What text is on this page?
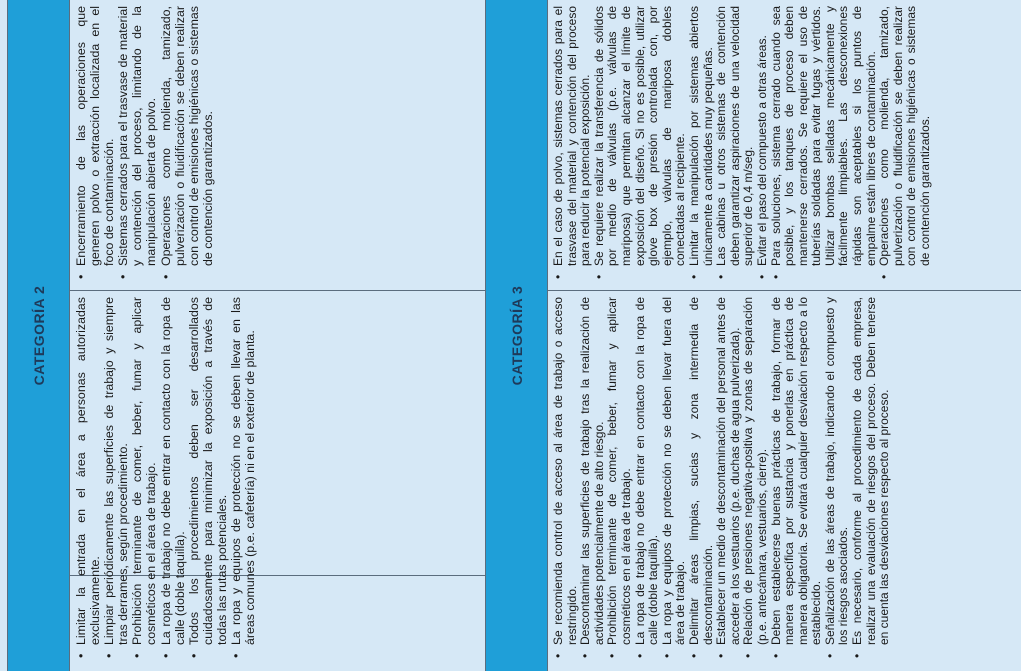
CATEGORÍA 2 • Limitar la entrada en el área a personas autorizadas exclusivamente. • Limpiar periódicamente las superficies de trabajo y siempre tras derrames, según procedimiento. • Prohibición terminante de comer, beber, fumar y aplicar cosméticos en el área de trabajo. • La ropa de trabajo no debe entrar en contacto con la ropa de calle (doble taquilla). • Todos los procedimientos deben ser desarrollados cuidadosamente para minimizar la exposición a través de todas las rutas potenciales. • La ropa y equipos de protección no se deben llevar en las áreas comunes (p.e. cafetería) ni en el exterior de planta.
• Encerramiento de las operaciones que generen polvo o extracción localizada en el foco de contaminación. • Sistemas cerrados para el trasvase de material y contención del proceso, limitando de la manipulación abierta de polvo. • Operaciones como molienda, tamizado, pulverización o fluidificación se deben realizar con control de emisiones higiénicas o sistemas de contención garantizados.
CATEGORÍA 3 • Se recomienda control de acceso al área de trabajo o acceso restringido. • Descontaminar las superficies de trabajo tras la realización de actividades potencialmente de alto riesgo. • Prohibición terminante de comer, beber, fumar y aplicar cosméticos en el área de trabajo. • La ropa de trabajo no debe entrar en contacto con la ropa de calle (doble taquilla). • La ropa y equipos de protección no se deben llevar fuera del área de trabajo. • Delimitar áreas limpias, sucias y zona intermedia de descontaminación. • Establecer un medio de descontaminación del personal antes de acceder a los vestuarios (p.e. duchas de agua pulverizada). • Relación de presiones negativa-positiva y zonas de separación (p.e. antecámara, vestuarios, cierre). • Deben establecerse buenas prácticas de trabajo, formar de manera específica por sustancia y ponerlas en práctica de manera obligatoria. Se evitará cualquier desviación respecto a lo establecido. • Señalización de las áreas de trabajo, indicando el compuesto y los riesgos asociados. • Es necesario, conforme al procedimiento de cada empresa, realizar una evaluación de riesgos del proceso. Deben tenerse en cuenta las desviaciones respecto al proceso.
• En el caso de polvo, sistemas cerrados para el trasvase del material y contención del proceso para reducir la potencial exposición. • Se requiere realizar la transferencia de sólidos por medio de válvulas (p.e. válvulas de mariposa) que permitan alcanzar el límite de exposición del diseño. Si no es posible, utilizar glove box de presión controlada con, por ejemplo, válvulas de mariposa dobles conectadas al recipiente. • Limitar la manipulación por sistemas abiertos únicamente a cantidades muy pequeñas. • Las cabinas u otros sistemas de contención deben garantizar aspiraciones de una velocidad superior de 0,4 m/seg. • Evitar el paso del compuesto a otras áreas. • Para soluciones, sistema cerrado cuando sea posible, y los tanques de proceso deben mantenerse cerrados. Se requiere el uso de tuberías soldadas para evitar fugas y vértidos. Utilizar bombas selladas mecánicamente y fácilmente limpiables. Las desconexiones rápidas son aceptables si los puntos de empalme están libres de contaminación. • Operaciones como molienda, tamizado, pulverización o fluidificación se deben realizar con control de emisiones higiénicas o sistemas de contención garantizados.
